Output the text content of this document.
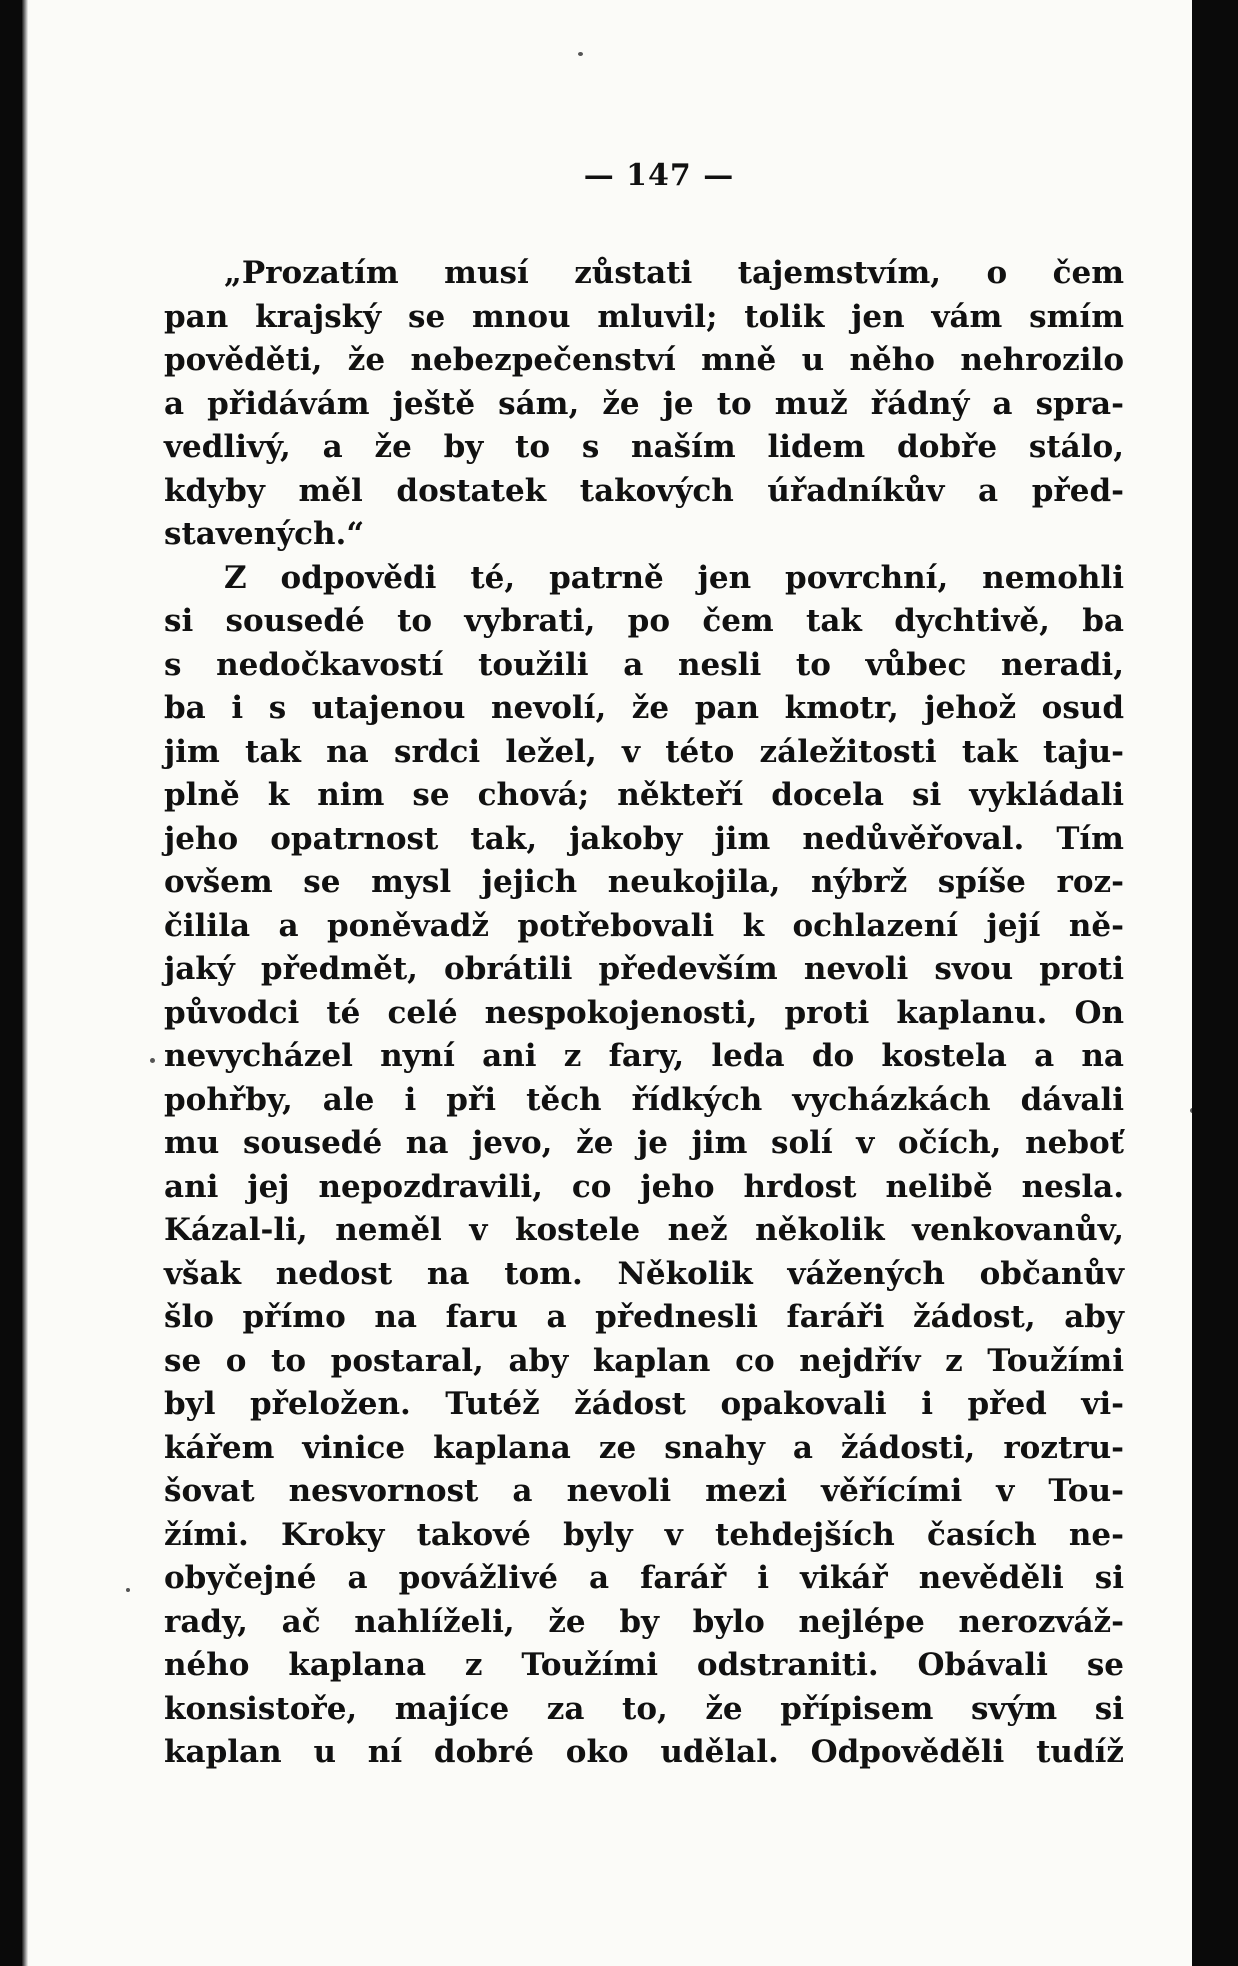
— 147 —
„Prozatím musí zůstati tajemstvím, o čem
pan krajský se mnou mluvil; tolik jen vám smím
pověděti, že nebezpečenství mně u něho nehrozilo
a přidávám ještě sám, že je to muž řádný a spra-
vedlivý, a že by to s naším lidem dobře stálo,
kdyby měl dostatek takových úřadníkův a před-
stavených.“
Z odpovědi té, patrně jen povrchní, nemohli
si sousedé to vybrati, po čem tak dychtivě, ba
s nedočkavostí toužili a nesli to vůbec neradi,
ba i s utajenou nevolí, že pan kmotr, jehož osud
jim tak na srdci ležel, v této záležitosti tak taju-
plně k nim se chová; někteří docela si vykládali
jeho opatrnost tak, jakoby jim nedůvěřoval. Tím
ovšem se mysl jejich neukojila, nýbrž spíše roz-
čililа a poněvadž potřebovali k ochlazení její ně-
jaký předmět, obrátili především nevoli svou proti
původci té celé nespokojenosti, proti kaplanu. On
nevycházel nyní ani z fary, leda do kostela a na
pohřby, ale i při těch řídkých vycházkách dávali
mu sousedé na jevo, že je jim solí v očích, neboť
ani jej nepozdravili, co jeho hrdost nelibě nesla.
Kázal-li, neměl v kostele než několik venkovanův,
však nedost na tom. Několik vážených občanův
šlo přímo na faru a přednesli faráři žádost, aby
se o to postaral, aby kaplan co nejdřív z Toužími
byl přeložen. Tutéž žádost opakovali i před vi-
kářem vinice kaplana ze snahy a žádosti, roztru-
šovat nesvornost a nevoli mezi věřícími v Tou-
žími. Kroky takové byly v tehdejších časích ne-
obyčejné a povážlivé a farář i vikář nevěděli si
rady, ač nahlíželi, že by bylo nejlépe nerozváž-
ného kaplana z Toužími odstraniti. Obávali se
konsistoře, majíce za to, že přípisem svým si
kaplan u ní dobré oko udělal. Odpověděli tudíž
